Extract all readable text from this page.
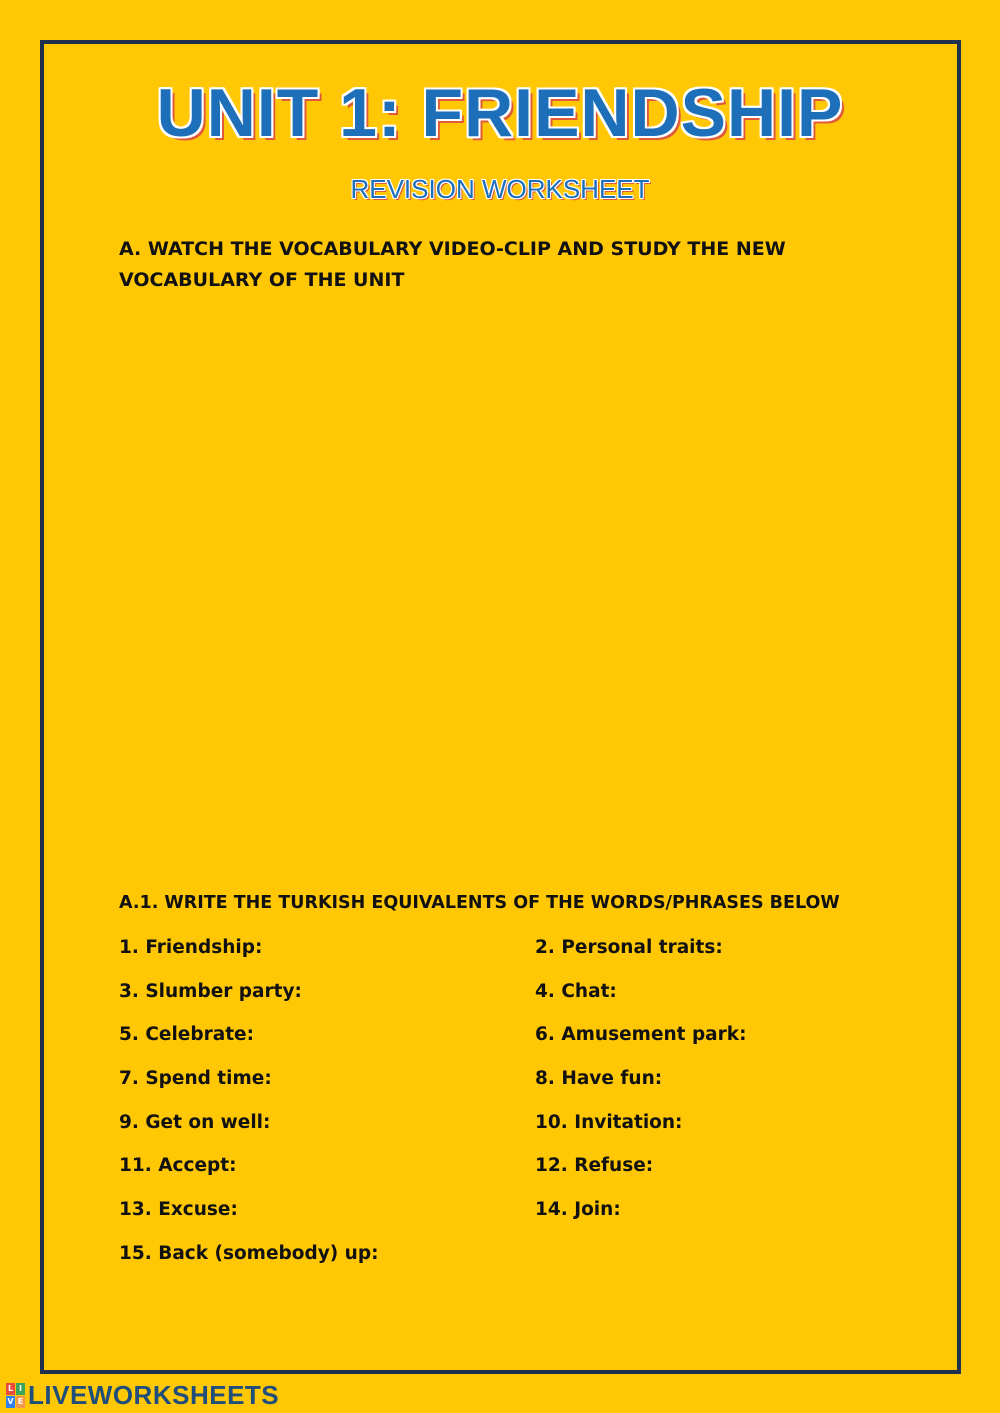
UNIT 1: FRIENDSHIP
REVISION WORKSHEET
A. WATCH THE VOCABULARY VIDEO-CLIP AND STUDY THE NEW VOCABULARY OF THE UNIT
A.1. WRITE THE TURKISH EQUIVALENTS OF THE WORDS/PHRASES BELOW
1. Friendship:	2. Personal traits:
3. Slumber party:	4. Chat:
5. Celebrate:	6. Amusement park:
7. Spend time:	8. Have fun:
9. Get on well:	10. Invitation:
11. Accept:	12. Refuse:
13. Excuse:	14. Join:
15. Back (somebody) up:
L I
V E LIVEWORKSHEETS
